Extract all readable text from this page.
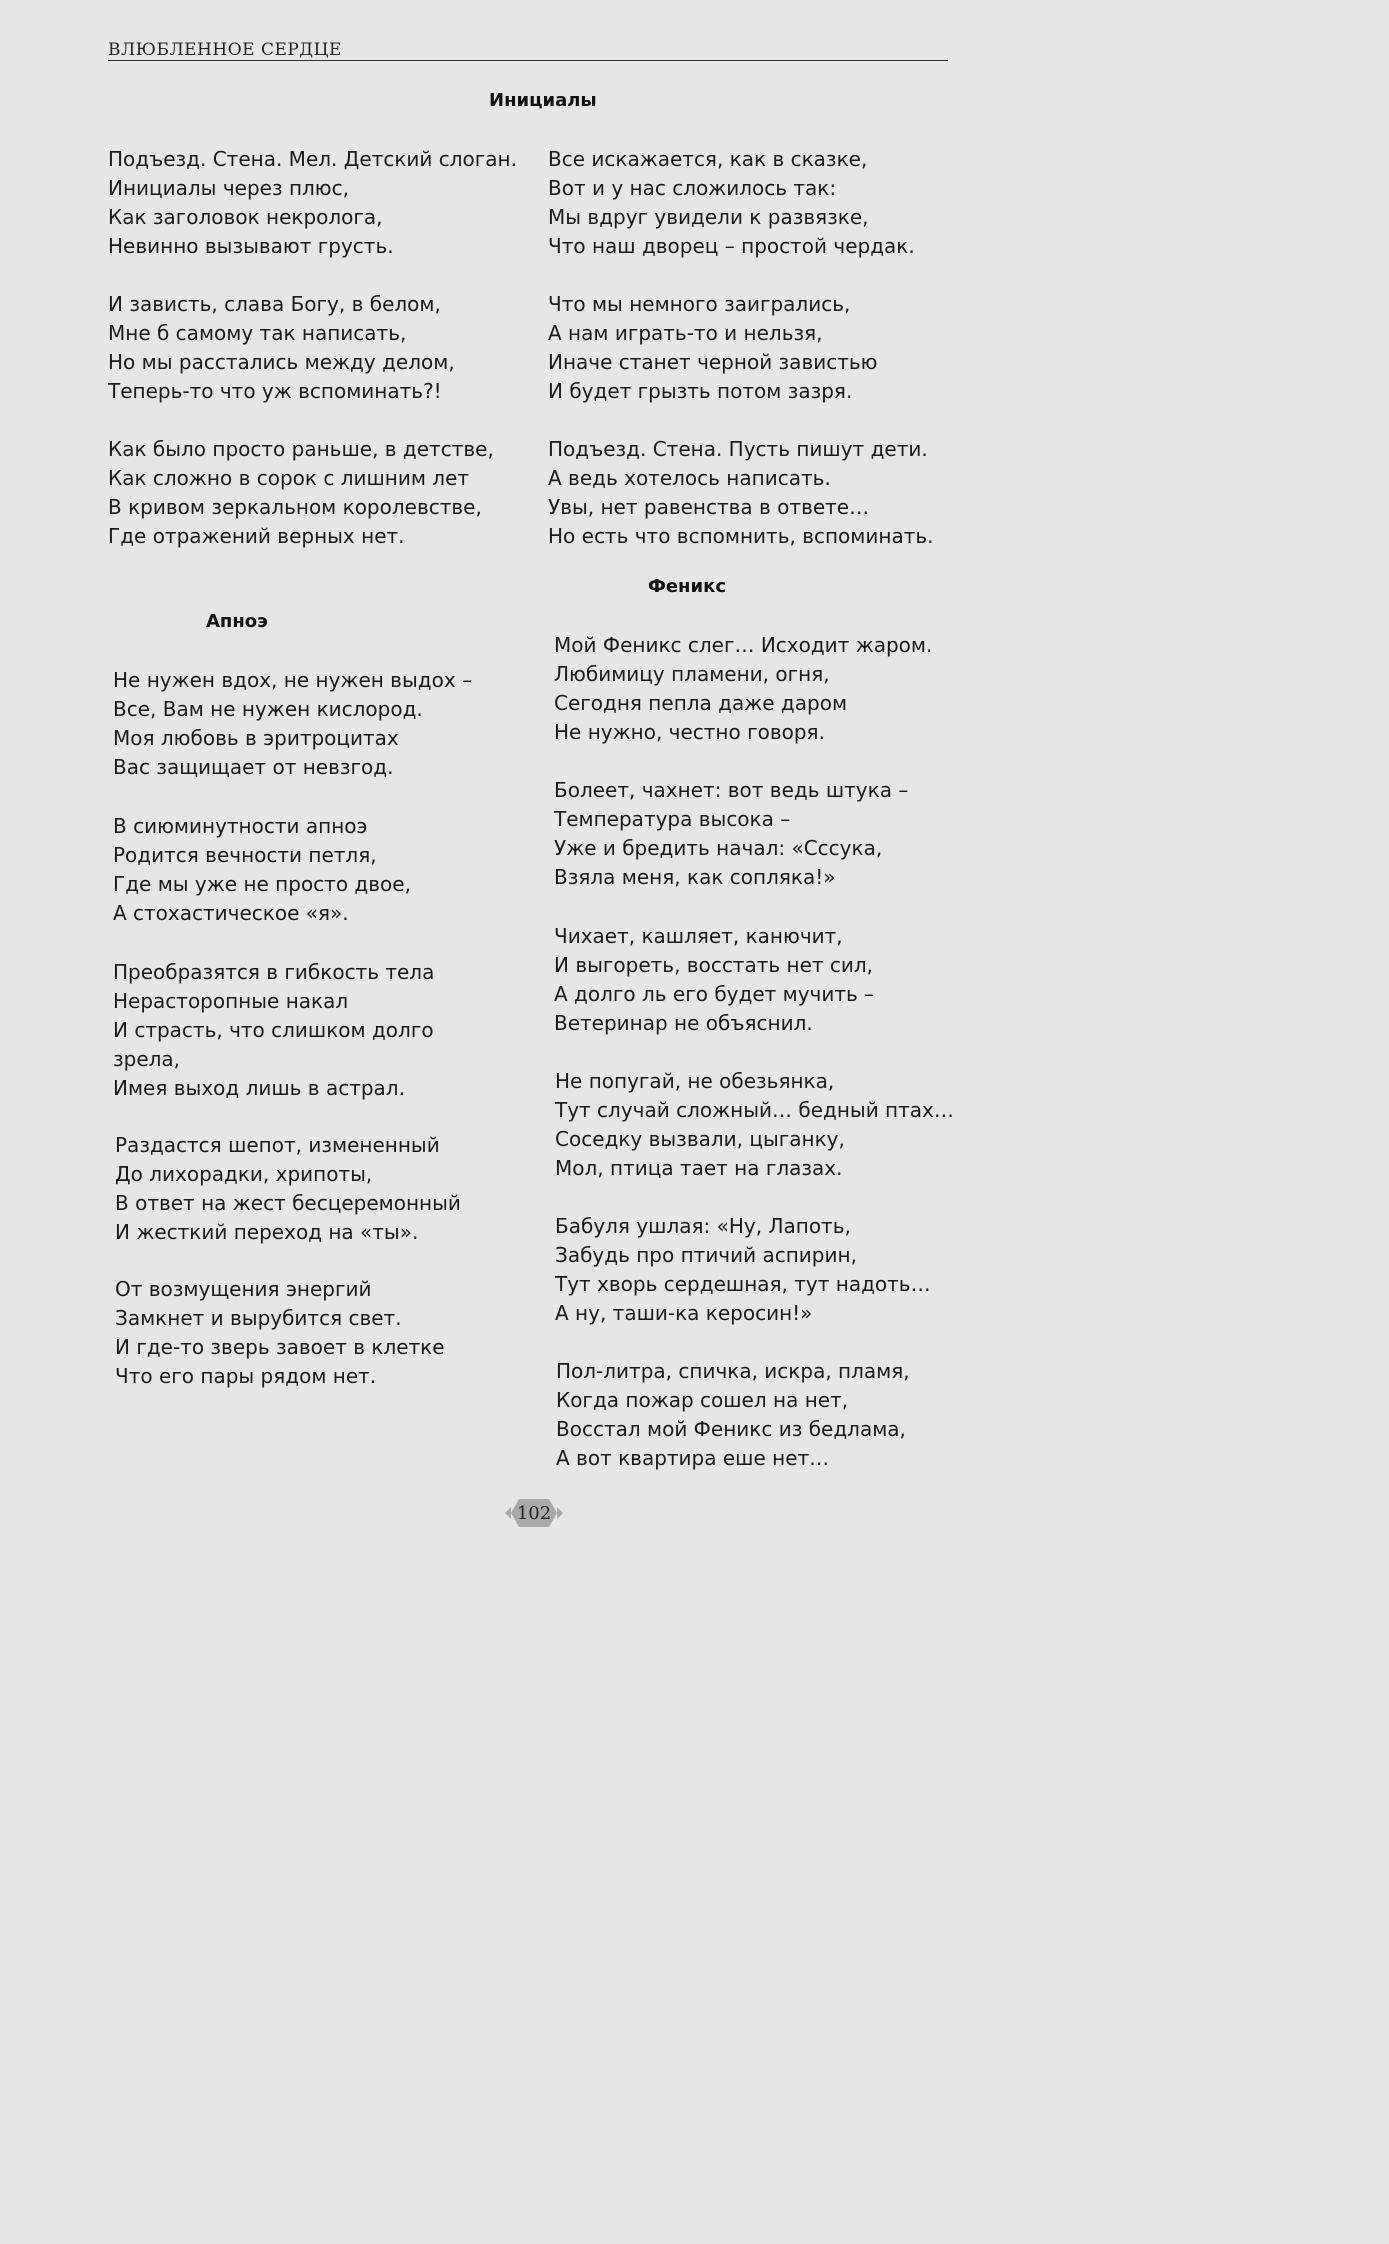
ВЛЮБЛЕННОЕ СЕРДЦЕ
Инициалы
Подъезд. Стена. Мел. Детский слоган.
Инициалы через плюс,
Как заголовок некролога,
Невинно вызывают грусть.
И зависть, слава Богу, в белом,
Мне б самому так написать,
Но мы расстались между делом,
Теперь-то что уж вспоминать?!
Как было просто раньше, в детстве,
Как сложно в сорок с лишним лет
В кривом зеркальном королевстве,
Где отражений верных нет.
Все искажается, как в сказке,
Вот и у нас сложилось так:
Мы вдруг увидели к развязке,
Что наш дворец – простой чердак.
Что мы немного заигрались,
А нам играть-то и нельзя,
Иначе станет черной завистью
И будет грызть потом зазря.
Подъезд. Стена. Пусть пишут дети.
А ведь хотелось написать.
Увы, нет равенства в ответе…
Но есть что вспомнить, вспоминать.
Апноэ
Не нужен вдох, не нужен выдох –
Все, Вам не нужен кислород.
Моя любовь в эритроцитах
Вас защищает от невзгод.
В сиюминутности апноэ
Родится вечности петля,
Где мы уже не просто двое,
А стохастическое «я».
Преобразятся в гибкость тела
Нерасторопные накал
И страсть, что слишком долго
зрела,
Имея выход лишь в астрал.
Раздастся шепот, измененный
До лихорадки, хрипоты,
В ответ на жест бесцеремонный
И жесткий переход на «ты».
От возмущения энергий
Замкнет и вырубится свет.
И где-то зверь завоет в клетке
Что его пары рядом нет.
Феникс
Мой Феникс слег… Исходит жаром.
Любимицу пламени, огня,
Сегодня пепла даже даром
Не нужно, честно говоря.
Болеет, чахнет: вот ведь штука –
Температура высока –
Уже и бредить начал: «Сссука,
Взяла меня, как сопляка!»
Чихает, кашляет, канючит,
И выгореть, восстать нет сил,
А долго ль его будет мучить –
Ветеринар не объяснил.
Не попугай, не обезьянка,
Тут случай сложный… бедный птах…
Соседку вызвали, цыганку,
Мол, птица тает на глазах.
Бабуля ушлая: «Ну, Лапоть,
Забудь про птичий аспирин,
Тут хворь сердешная, тут надоть…
А ну, таши-ка керосин!»
Пол-литра, спичка, искра, пламя,
Когда пожар сошел на нет,
Восстал мой Феникс из бедлама,
А вот квартира еше нет…
102
